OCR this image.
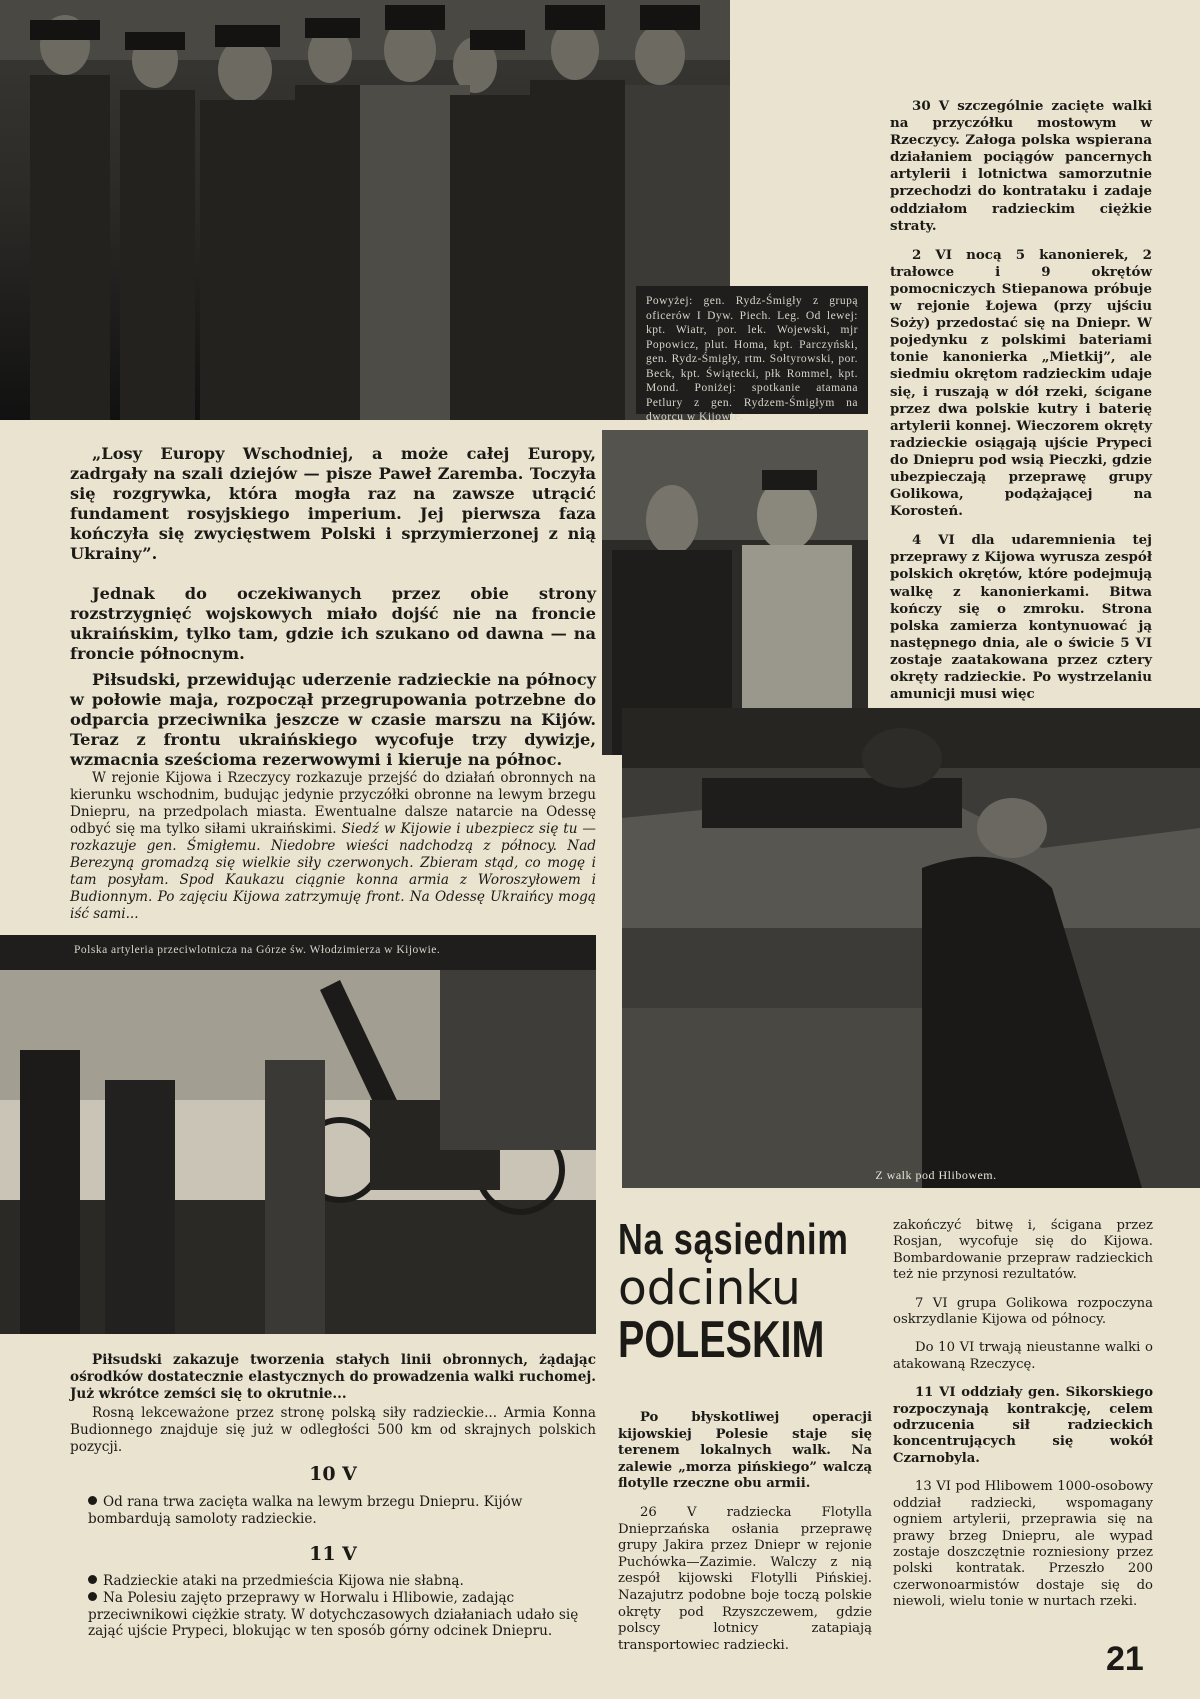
Powyżej: gen. Rydz-Śmigły z grupą oficerów I Dyw. Piech. Leg. Od lewej: kpt. Wiatr, por. lek. Wojewski, mjr Popowicz, plut. Homa, kpt. Parczyński, gen. Rydz-Śmigły, rtm. Sołtyrowski, por. Beck, kpt. Świątecki, płk Rommel, kpt. Mond. Poniżej: spotkanie atamana Petlury z gen. Rydzem-Śmigłym na dworcu w Kijowie.
Z walk pod Hlibowem.
Polska artyleria przeciwlotnicza na Górze św. Włodzimierza w Kijowie.

„Losy Europy Wschodniej, a może całej Europy, zadrgały na szali dziejów — pisze Paweł Zaremba. Toczyła się rozgrywka, która mogła raz na zawsze utrącić fundament rosyjskiego imperium. Jej pierwsza faza kończyła się zwycięstwem Polski i sprzymierzonej z nią Ukrainy”.

Jednak do oczekiwanych przez obie strony rozstrzygnięć wojskowych miało dojść nie na froncie ukraińskim, tylko tam, gdzie ich szukano od dawna — na froncie północnym.

Piłsudski, przewidując uderzenie radzieckie na północy w połowie maja, rozpoczął przegrupowania potrzebne do odparcia przeciwnika jeszcze w czasie marszu na Kijów. Teraz z frontu ukraińskiego wycofuje trzy dywizje, wzmacnia sześcioma rezerwowymi i kieruje na północ.

W rejonie Kijowa i Rzeczycy rozkazuje przejść do działań obronnych na kierunku wschodnim, budując jedynie przyczółki obronne na lewym brzegu Dniepru, na przedpolach miasta. Ewentualne dalsze natarcie na Odessę odbyć się ma tylko siłami ukraińskimi. Siedź w Kijowie i ubezpiecz się tu — rozkazuje gen. Śmigłemu. Niedobre wieści nadchodzą z północy. Nad Berezyną gromadzą się wielkie siły czerwonych. Zbieram stąd, co mogę i tam posyłam. Spod Kaukazu ciągnie konna armia z Woroszyłowem i Budionnym. Po zajęciu Kijowa zatrzymuję front. Na Odessę Ukraińcy mogą iść sami...

Piłsudski zakazuje tworzenia stałych linii obronnych, żądając ośrodków dostatecznie elastycznych do prowadzenia walki ruchomej. Już wkrótce zemści się to okrutnie...

Rosną lekceważone przez stronę polską siły radzieckie... Armia Konna Budionnego znajduje się już w odległości 500 km od skrajnych polskich pozycji.

10 V
Od rana trwa zacięta walka na lewym brzegu Dniepru. Kijów bombardują samoloty radzieckie.
11 V
Radzieckie ataki na przedmieścia Kijowa nie słabną.
Na Polesiu zajęto przeprawy w Horwalu i Hlibowie, zadając przeciwnikowi ciężkie straty. W dotychczasowych działaniach udało się zająć ujście Prypeci, blokując w ten sposób górny odcinek Dniepru.

30 V szczególnie zacięte walki na przyczółku mostowym w Rzeczycy. Załoga polska wspierana działaniem pociągów pancernych artylerii i lotnictwa samorzutnie przechodzi do kontrataku i zadaje oddziałom radzieckim ciężkie straty.

2 VI nocą 5 kanonierek, 2 trałowce i 9 okrętów pomocniczych Stiepanowa próbuje w rejonie Łojewa (przy ujściu Soży) przedostać się na Dniepr. W pojedynku z polskimi bateriami tonie kanonierka „Mietkij”, ale siedmiu okrętom radzieckim udaje się, i ruszają w dół rzeki, ścigane przez dwa polskie kutry i baterię artylerii konnej. Wieczorem okręty radzieckie osiągają ujście Prypeci do Dniepru pod wsią Pieczki, gdzie ubezpieczają przeprawę grupy Golikowa, podążającej na Korosteń.

4 VI dla udaremnienia tej przeprawy z Kijowa wyrusza zespół polskich okrętów, które podejmują walkę z kanonierkami. Bitwa kończy się o zmroku. Strona polska zamierza kontynuować ją następnego dnia, ale o świcie 5 VI zostaje zaatakowana przez cztery okręty radzieckie. Po wystrzelaniu amunicji musi więc

Na sąsiednim
odcinku
POLESKIM

Po błyskotliwej operacji kijowskiej Polesie staje się terenem lokalnych walk. Na zalewie „morza pińskiego” walczą flotylle rzeczne obu armii.

26 V radziecka Flotylla Dnieprzańska osłania przeprawę grupy Jakira przez Dniepr w rejonie Puchówka—Zazimie. Walczy z nią zespół kijowski Flotylli Pińskiej. Nazajutrz podobne boje toczą polskie okręty pod Rzyszczewem, gdzie polscy lotnicy zatapiają transportowiec radziecki.

zakończyć bitwę i, ścigana przez Rosjan, wycofuje się do Kijowa. Bombardowanie przepraw radzieckich też nie przynosi rezultatów.

7 VI grupa Golikowa rozpoczyna oskrzydlanie Kijowa od północy.

Do 10 VI trwają nieustanne walki o atakowaną Rzeczycę.

11 VI oddziały gen. Sikorskiego rozpoczynają kontrakcję, celem odrzucenia sił radzieckich koncentrujących się wokół Czarnobyla.

13 VI pod Hlibowem 1000-osobowy oddział radziecki, wspomagany ogniem artylerii, przeprawia się na prawy brzeg Dniepru, ale wypad zostaje doszczętnie rozniesiony przez polski kontratak. Przeszło 200 czerwonoarmistów dostaje się do niewoli, wielu tonie w nurtach rzeki.

21
